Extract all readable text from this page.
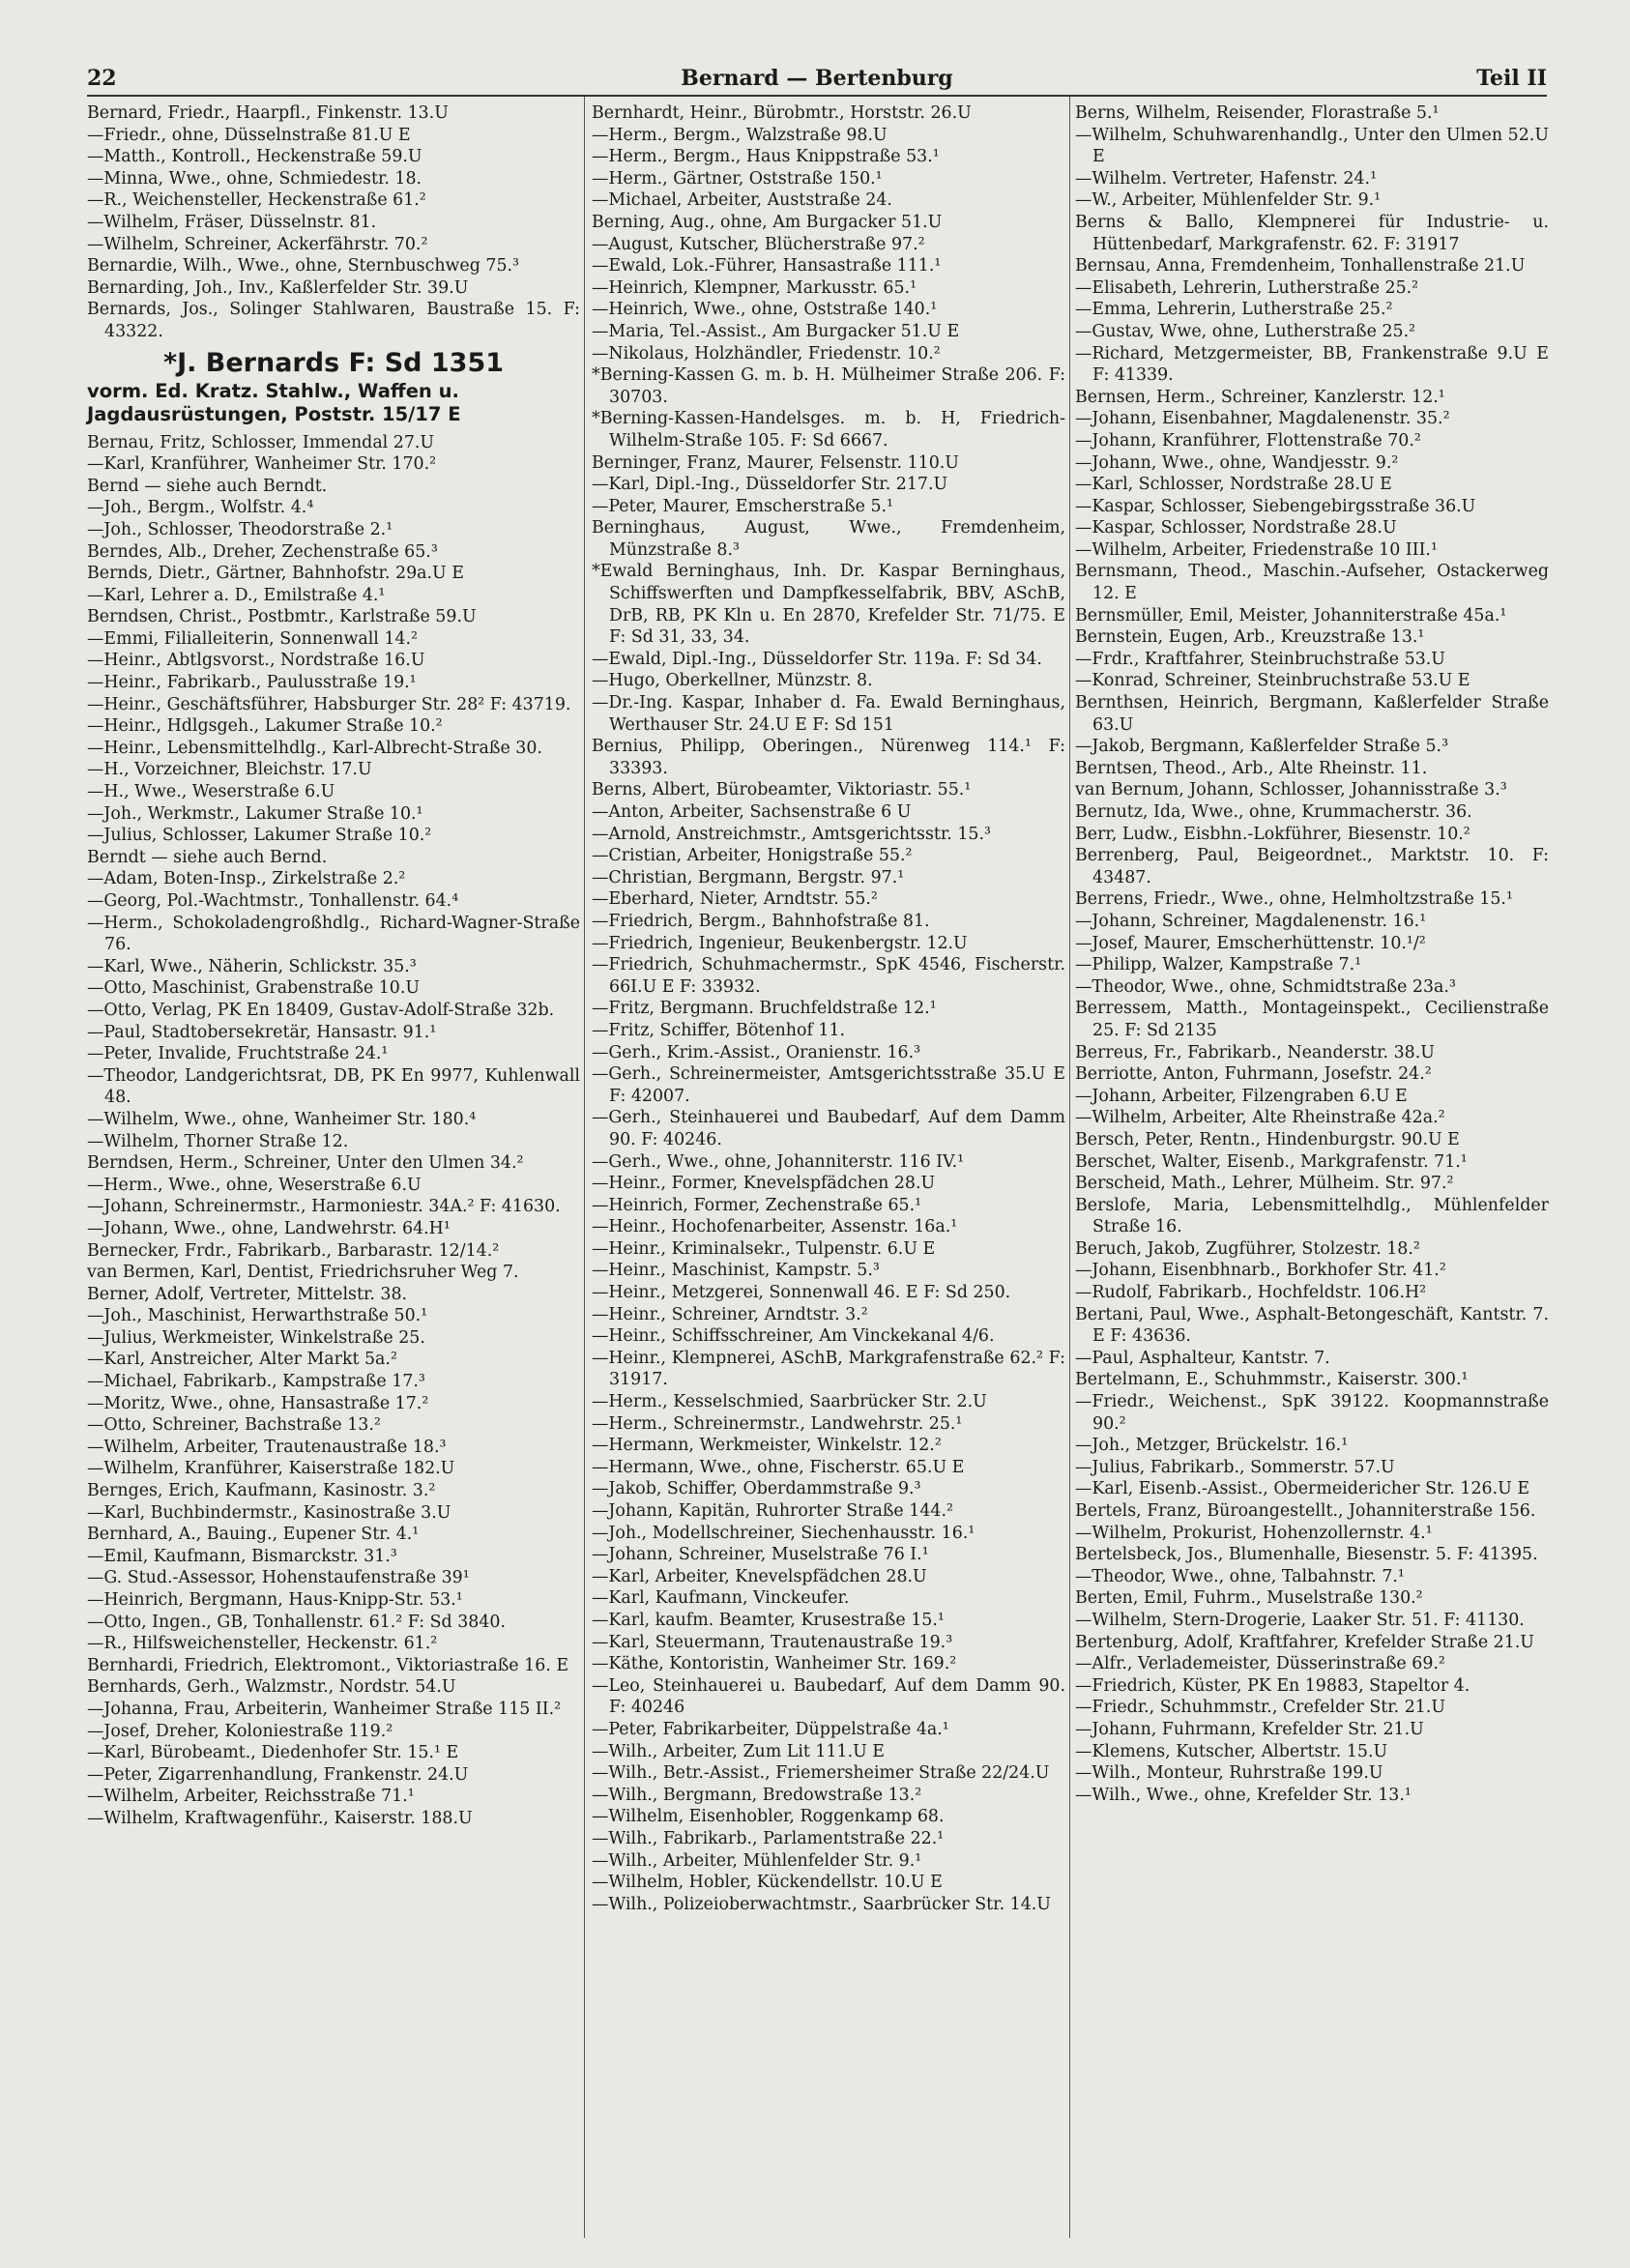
22	Bernard — Bertenburg	Teil II
Bernard, Friedr., Haarpfl., Finkenstr. 13.U
—Friedr., ohne, Düsselnstraße 81.U E
—Matth., Kontroll., Heckenstraße 59.U
—Minna, Wwe., ohne, Schmiedestr. 18.
—R., Weichensteller, Heckenstraße 61.²
—Wilhelm, Fräser, Düsselnstr. 81.
—Wilhelm, Schreiner, Ackerfährstr. 70.²
Bernardie, Wilh., Wwe., ohne, Sternbuschweg 75.³
Bernarding, Joh., Inv., Kaßlerfelder Str. 39.U
Bernards, Jos., Solinger Stahlwaren, Baustraße 15. F: 43322.
*J. Bernards F: Sd 1351
vorm. Ed. Kratz. Stahlw., Waffen u.
Jagdausrüstungen, Poststr. 15/17 E
Bernau, Fritz, Schlosser, Immendal 27.U
—Karl, Kranführer, Wanheimer Str. 170.²
Bernd — siehe auch Berndt.
—Joh., Bergm., Wolfstr. 4.⁴
—Joh., Schlosser, Theodorstraße 2.¹
Berndes, Alb., Dreher, Zechenstraße 65.³
Bernds, Dietr., Gärtner, Bahnhofstr. 29a.U E
—Karl, Lehrer a. D., Emilstraße 4.¹
Berndsen, Christ., Postbmtr., Karlstraße 59.U
—Emmi, Filialleiterin, Sonnenwall 14.²
—Heinr., Abtlgsvorst., Nordstraße 16.U
—Heinr., Fabrikarb., Paulusstraße 19.¹
—Heinr., Geschäftsführer, Habsburger Str. 28² F: 43719.
—Heinr., Hdlgsgeh., Lakumer Straße 10.²
—Heinr., Lebensmittelhdlg., Karl-Albrecht-Straße 30.
—H., Vorzeichner, Bleichstr. 17.U
—H., Wwe., Weserstraße 6.U
—Joh., Werkmstr., Lakumer Straße 10.¹
—Julius, Schlosser, Lakumer Straße 10.²
Berndt — siehe auch Bernd.
—Adam, Boten-Insp., Zirkelstraße 2.²
—Georg, Pol.-Wachtmstr., Tonhallenstr. 64.⁴
—Herm., Schokoladengroßhdlg., Richard-Wagner-Straße 76.
—Karl, Wwe., Näherin, Schlickstr. 35.³
—Otto, Maschinist, Grabenstraße 10.U
—Otto, Verlag, PK En 18409, Gustav-Adolf-Straße 32b.
—Paul, Stadtobersekretär, Hansastr. 91.¹
—Peter, Invalide, Fruchtstraße 24.¹
—Theodor, Landgerichtsrat, DB, PK En 9977, Kuhlenwall 48.
—Wilhelm, Wwe., ohne, Wanheimer Str. 180.⁴
—Wilhelm, Thorner Straße 12.
Berndsen, Herm., Schreiner, Unter den Ulmen 34.²
—Herm., Wwe., ohne, Weserstraße 6.U
—Johann, Schreinermstr., Harmoniestr. 34A.² F: 41630.
—Johann, Wwe., ohne, Landwehrstr. 64.H¹
Bernecker, Frdr., Fabrikarb., Barbarastr. 12/14.²
van Bermen, Karl, Dentist, Friedrichsruher Weg 7.
Berner, Adolf, Vertreter, Mittelstr. 38.
—Joh., Maschinist, Herwarthstraße 50.¹
—Julius, Werkmeister, Winkelstraße 25.
—Karl, Anstreicher, Alter Markt 5a.²
—Michael, Fabrikarb., Kampstraße 17.³
—Moritz, Wwe., ohne, Hansastraße 17.²
—Otto, Schreiner, Bachstraße 13.²
—Wilhelm, Arbeiter, Trautenaustraße 18.³
—Wilhelm, Kranführer, Kaiserstraße 182.U
Bernges, Erich, Kaufmann, Kasinostr. 3.²
—Karl, Buchbindermstr., Kasinostraße 3.U
Bernhard, A., Bauing., Eupener Str. 4.¹
—Emil, Kaufmann, Bismarckstr. 31.³
—G. Stud.-Assessor, Hohenstaufenstraße 39¹
—Heinrich, Bergmann, Haus-Knipp-Str. 53.¹
—Otto, Ingen., GB, Tonhallenstr. 61.² F: Sd 3840.
—R., Hilfsweichensteller, Heckenstr. 61.²
Bernhardi, Friedrich, Elektromont., Viktoriastraße 16. E
Bernhards, Gerh., Walzmstr., Nordstr. 54.U
—Johanna, Frau, Arbeiterin, Wanheimer Straße 115 II.²
—Josef, Dreher, Koloniestraße 119.²
—Karl, Bürobeamt., Diedenhofer Str. 15.¹ E
—Peter, Zigarrenhandlung, Frankenstr. 24.U
—Wilhelm, Arbeiter, Reichsstraße 71.¹
—Wilhelm, Kraftwagenführ., Kaiserstr. 188.U
Bernhardt, Heinr., Bürobmtr., Horststr. 26.U
—Herm., Bergm., Walzstraße 98.U
—Herm., Bergm., Haus Knippstraße 53.¹
—Herm., Gärtner, Oststraße 150.¹
—Michael, Arbeiter, Auststraße 24.
Berning, Aug., ohne, Am Burgacker 51.U
—August, Kutscher, Blücherstraße 97.²
—Ewald, Lok.-Führer, Hansastraße 111.¹
—Heinrich, Klempner, Markusstr. 65.¹
—Heinrich, Wwe., ohne, Oststraße 140.¹
—Maria, Tel.-Assist., Am Burgacker 51.U E
—Nikolaus, Holzhändler, Friedenstr. 10.²
*Berning-Kassen G. m. b. H. Mülheimer Straße 206. F: 30703.
*Berning-Kassen-Handelsges. m. b. H, Friedrich-Wilhelm-Straße 105. F: Sd 6667.
Berninger, Franz, Maurer, Felsenstr. 110.U
—Karl, Dipl.-Ing., Düsseldorfer Str. 217.U
—Peter, Maurer, Emscherstraße 5.¹
Berninghaus, August, Wwe., Fremdenheim, Münzstraße 8.³
*Ewald Berninghaus, Inh. Dr. Kaspar Berninghaus, Schiffswerften und Dampfkesselfabrik, BBV, ASchB, DrB, RB, PK Kln u. En 2870, Krefelder Str. 71/75. E F: Sd 31, 33, 34.
—Ewald, Dipl.-Ing., Düsseldorfer Str. 119a. F: Sd 34.
—Hugo, Oberkellner, Münzstr. 8.
—Dr.-Ing. Kaspar, Inhaber d. Fa. Ewald Berninghaus, Werthauser Str. 24.U E F: Sd 151
Bernius, Philipp, Oberingen., Nürenweg 114.¹ F: 33393.
Berns, Albert, Bürobeamter, Viktoriastr. 55.¹
—Anton, Arbeiter, Sachsenstraße 6 U
—Arnold, Anstreichmstr., Amtsgerichtsstr. 15.³
—Cristian, Arbeiter, Honigstraße 55.²
—Christian, Bergmann, Bergstr. 97.¹
—Eberhard, Nieter, Arndtstr. 55.²
—Friedrich, Bergm., Bahnhofstraße 81.
—Friedrich, Ingenieur, Beukenbergstr. 12.U
—Friedrich, Schuhmachermstr., SpK 4546, Fischerstr. 66I.U E F: 33932.
—Fritz, Bergmann. Bruchfeldstraße 12.¹
—Fritz, Schiffer, Bötenhof 11.
—Gerh., Krim.-Assist., Oranienstr. 16.³
—Gerh., Schreinermeister, Amtsgerichtsstraße 35.U E F: 42007.
—Gerh., Steinhauerei und Baubedarf, Auf dem Damm 90. F: 40246.
—Gerh., Wwe., ohne, Johanniterstr. 116 IV.¹
—Heinr., Former, Knevelspfädchen 28.U
—Heinrich, Former, Zechenstraße 65.¹
—Heinr., Hochofenarbeiter, Assenstr. 16a.¹
—Heinr., Kriminalsekr., Tulpenstr. 6.U E
—Heinr., Maschinist, Kampstr. 5.³
—Heinr., Metzgerei, Sonnenwall 46. E F: Sd 250.
—Heinr., Schreiner, Arndtstr. 3.²
—Heinr., Schiffsschreiner, Am Vinckekanal 4/6.
—Heinr., Klempnerei, ASchB, Markgrafenstraße 62.² F: 31917.
—Herm., Kesselschmied, Saarbrücker Str. 2.U
—Herm., Schreinermstr., Landwehrstr. 25.¹
—Hermann, Werkmeister, Winkelstr. 12.²
—Hermann, Wwe., ohne, Fischerstr. 65.U E
—Jakob, Schiffer, Oberdammstraße 9.³
—Johann, Kapitän, Ruhrorter Straße 144.²
—Joh., Modellschreiner, Siechenhausstr. 16.¹
—Johann, Schreiner, Muselstraße 76 I.¹
—Karl, Arbeiter, Knevelspfädchen 28.U
—Karl, Kaufmann, Vinckeufer.
—Karl, kaufm. Beamter, Krusestraße 15.¹
—Karl, Steuermann, Trautenaustraße 19.³
—Käthe, Kontoristin, Wanheimer Str. 169.²
—Leo, Steinhauerei u. Baubedarf, Auf dem Damm 90. F: 40246
—Peter, Fabrikarbeiter, Düppelstraße 4a.¹
—Wilh., Arbeiter, Zum Lit 111.U E
—Wilh., Betr.-Assist., Friemersheimer Straße 22/24.U
—Wilh., Bergmann, Bredowstraße 13.²
—Wilhelm, Eisenhobler, Roggenkamp 68.
—Wilh., Fabrikarb., Parlamentstraße 22.¹
—Wilh., Arbeiter, Mühlenfelder Str. 9.¹
—Wilhelm, Hobler, Kückendellstr. 10.U E
—Wilh., Polizeioberwachtmstr., Saarbrücker Str. 14.U
Berns, Wilhelm, Reisender, Florastraße 5.¹
—Wilhelm, Schuhwarenhandlg., Unter den Ulmen 52.U E
—Wilhelm. Vertreter, Hafenstr. 24.¹
—W., Arbeiter, Mühlenfelder Str. 9.¹
Berns & Ballo, Klempnerei für Industrie- u. Hüttenbedarf, Markgrafenstr. 62. F: 31917
Bernsau, Anna, Fremdenheim, Tonhallenstraße 21.U
—Elisabeth, Lehrerin, Lutherstraße 25.²
—Emma, Lehrerin, Lutherstraße 25.²
—Gustav, Wwe, ohne, Lutherstraße 25.²
—Richard, Metzgermeister, BB, Frankenstraße 9.U E F: 41339.
Bernsen, Herm., Schreiner, Kanzlerstr. 12.¹
—Johann, Eisenbahner, Magdalenenstr. 35.²
—Johann, Kranführer, Flottenstraße 70.²
—Johann, Wwe., ohne, Wandjesstr. 9.²
—Karl, Schlosser, Nordstraße 28.U E
—Kaspar, Schlosser, Siebengebirgsstraße 36.U
—Kaspar, Schlosser, Nordstraße 28.U
—Wilhelm, Arbeiter, Friedenstraße 10 III.¹
Bernsmann, Theod., Maschin.-Aufseher, Ostackerweg 12. E
Bernsmüller, Emil, Meister, Johanniterstraße 45a.¹
Bernstein, Eugen, Arb., Kreuzstraße 13.¹
—Frdr., Kraftfahrer, Steinbruchstraße 53.U
—Konrad, Schreiner, Steinbruchstraße 53.U E
Bernthsen, Heinrich, Bergmann, Kaßlerfelder Straße 63.U
—Jakob, Bergmann, Kaßlerfelder Straße 5.³
Berntsen, Theod., Arb., Alte Rheinstr. 11.
van Bernum, Johann, Schlosser, Johannisstraße 3.³
Bernutz, Ida, Wwe., ohne, Krummacherstr. 36.
Berr, Ludw., Eisbhn.-Lokführer, Biesenstr. 10.²
Berrenberg, Paul, Beigeordnet., Marktstr. 10. F: 43487.
Berrens, Friedr., Wwe., ohne, Helmholtzstraße 15.¹
—Johann, Schreiner, Magdalenenstr. 16.¹
—Josef, Maurer, Emscherhüttenstr. 10.¹/²
—Philipp, Walzer, Kampstraße 7.¹
—Theodor, Wwe., ohne, Schmidtstraße 23a.³
Berressem, Matth., Montageinspekt., Cecilienstraße 25. F: Sd 2135
Berreus, Fr., Fabrikarb., Neanderstr. 38.U
Berriotte, Anton, Fuhrmann, Josefstr. 24.²
—Johann, Arbeiter, Filzengraben 6.U E
—Wilhelm, Arbeiter, Alte Rheinstraße 42a.²
Bersch, Peter, Rentn., Hindenburgstr. 90.U E
Berschet, Walter, Eisenb., Markgrafenstr. 71.¹
Berscheid, Math., Lehrer, Mülheim. Str. 97.²
Berslofe, Maria, Lebensmittelhdlg., Mühlenfelder Straße 16.
Beruch, Jakob, Zugführer, Stolzestr. 18.²
—Johann, Eisenbhnarb., Borkhofer Str. 41.²
—Rudolf, Fabrikarb., Hochfeldstr. 106.H²
Bertani, Paul, Wwe., Asphalt-Betongeschäft, Kantstr. 7. E F: 43636.
—Paul, Asphalteur, Kantstr. 7.
Bertelmann, E., Schuhmmstr., Kaiserstr. 300.¹
—Friedr., Weichenst., SpK 39122. Koopmannstraße 90.²
—Joh., Metzger, Brückelstr. 16.¹
—Julius, Fabrikarb., Sommerstr. 57.U
—Karl, Eisenb.-Assist., Obermeidericher Str. 126.U E
Bertels, Franz, Büroangestellt., Johanniterstraße 156.
—Wilhelm, Prokurist, Hohenzollernstr. 4.¹
Bertelsbeck, Jos., Blumenhalle, Biesenstr. 5. F: 41395.
—Theodor, Wwe., ohne, Talbahnstr. 7.¹
Berten, Emil, Fuhrm., Muselstraße 130.²
—Wilhelm, Stern-Drogerie, Laaker Str. 51. F: 41130.
Bertenburg, Adolf, Kraftfahrer, Krefelder Straße 21.U
—Alfr., Verlademeister, Düsserinstraße 69.²
—Friedrich, Küster, PK En 19883, Stapeltor 4.
—Friedr., Schuhmmstr., Crefelder Str. 21.U
—Johann, Fuhrmann, Krefelder Str. 21.U
—Klemens, Kutscher, Albertstr. 15.U
—Wilh., Monteur, Ruhrstraße 199.U
—Wilh., Wwe., ohne, Krefelder Str. 13.¹
